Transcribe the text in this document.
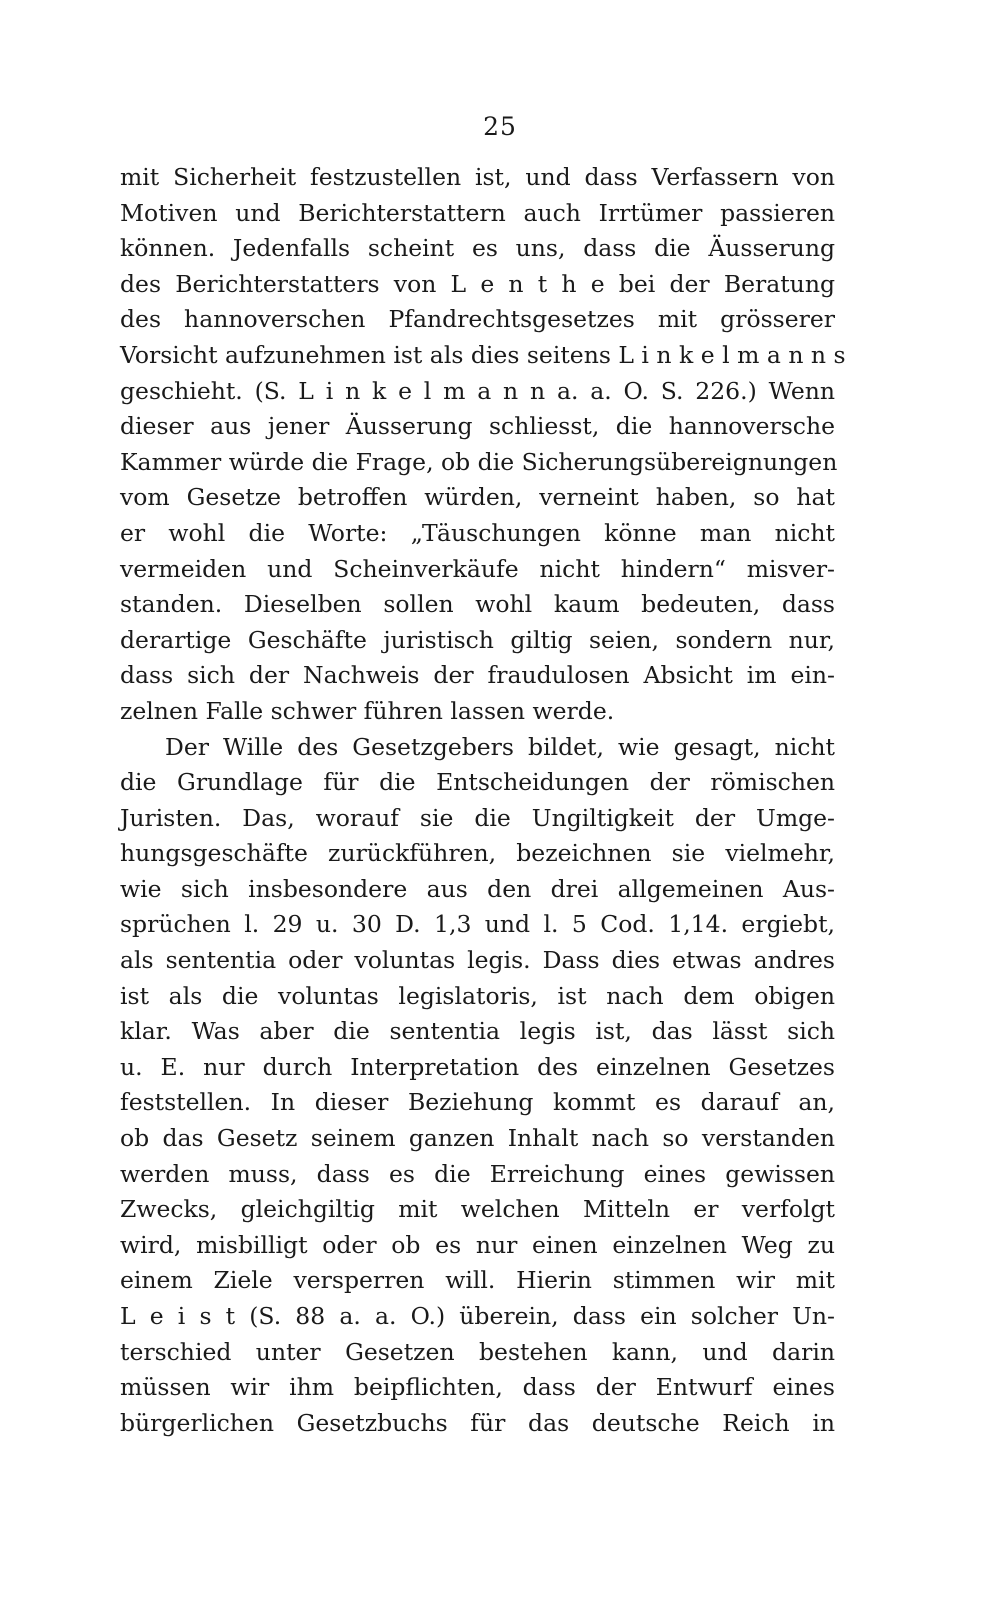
25
mit Sicherheit festzustellen ist, und dass Verfassern von
Motiven und Berichterstattern auch Irrtümer passieren
können. Jedenfalls scheint es uns, dass die Äusserung
des Berichterstatters von L e n t h e bei der Beratung
des hannoverschen Pfandrechtsgesetzes mit grösserer
Vorsicht aufzunehmen ist als dies seitens L i n k e l m a n n s
geschieht. (S. L i n k e l m a n n a. a. O. S. 226.) Wenn
dieser aus jener Äusserung schliesst, die hannoversche
Kammer würde die Frage, ob die Sicherungsübereignungen
vom Gesetze betroffen würden, verneint haben, so hat
er wohl die Worte: „Täuschungen könne man nicht
vermeiden und Scheinverkäufe nicht hindern“ misver-
standen. Dieselben sollen wohl kaum bedeuten, dass
derartige Geschäfte juristisch giltig seien, sondern nur,
dass sich der Nachweis der fraudulosen Absicht im ein-
zelnen Falle schwer führen lassen werde.
Der Wille des Gesetzgebers bildet, wie gesagt, nicht
die Grundlage für die Entscheidungen der römischen
Juristen. Das, worauf sie die Ungiltigkeit der Umge-
hungsgeschäfte zurückführen, bezeichnen sie vielmehr,
wie sich insbesondere aus den drei allgemeinen Aus-
sprüchen l. 29 u. 30 D. 1,3 und l. 5 Cod. 1,14. ergiebt,
als sententia oder voluntas legis. Dass dies etwas andres
ist als die voluntas legislatoris, ist nach dem obigen
klar. Was aber die sententia legis ist, das lässt sich
u. E. nur durch Interpretation des einzelnen Gesetzes
feststellen. In dieser Beziehung kommt es darauf an,
ob das Gesetz seinem ganzen Inhalt nach so verstanden
werden muss, dass es die Erreichung eines gewissen
Zwecks, gleichgiltig mit welchen Mitteln er verfolgt
wird, misbilligt oder ob es nur einen einzelnen Weg zu
einem Ziele versperren will. Hierin stimmen wir mit
L e i s t (S. 88 a. a. O.) überein, dass ein solcher Un-
terschied unter Gesetzen bestehen kann, und darin
müssen wir ihm beipflichten, dass der Entwurf eines
bürgerlichen Gesetzbuchs für das deutsche Reich in
